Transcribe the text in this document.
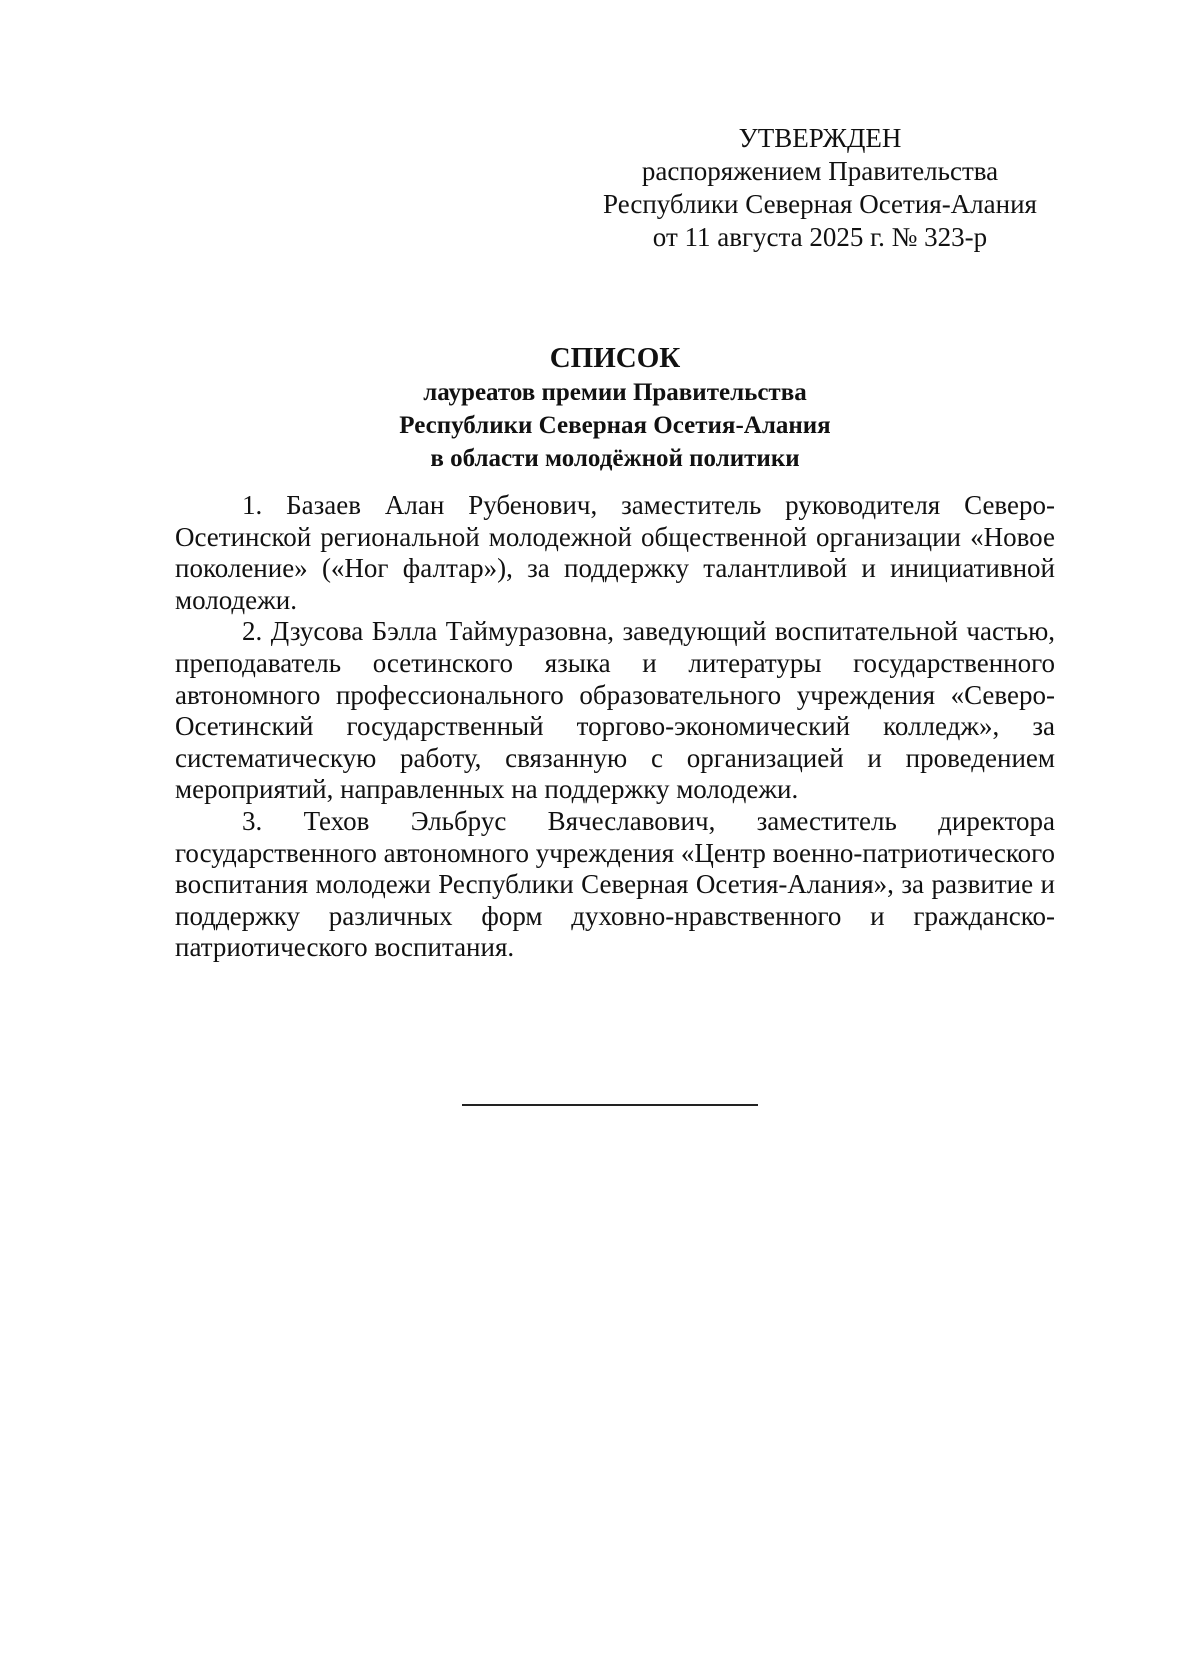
УТВЕРЖДЕН
распоряжением Правительства
Республики Северная Осетия-Алания
от 11 августа 2025 г. № 323-р
СПИСОК
лауреатов премии Правительства
Республики Северная Осетия-Алания
в области молодёжной политики

1. Базаев Алан Рубенович, заместитель руководителя Северо-Осетинской региональной молодежной общественной организации «Новое поколение» («Ног фалтар»), за поддержку талантливой и инициативной молодежи.

2. Дзусова Бэлла Таймуразовна, заведующий воспитательной частью, преподаватель осетинского языка и литературы государственного автономного профессионального образовательного учреждения «Северо-Осетинский государственный торгово-экономический колледж», за систематическую работу, связанную с организацией и проведением мероприятий, направленных на поддержку молодежи.

3. Техов Эльбрус Вячеславович, заместитель директора государственного автономного учреждения «Центр военно-патриотического воспитания молодежи Республики Северная Осетия-Алания», за развитие и поддержку различных форм духовно-нравственного и гражданско-патриотического воспитания.
